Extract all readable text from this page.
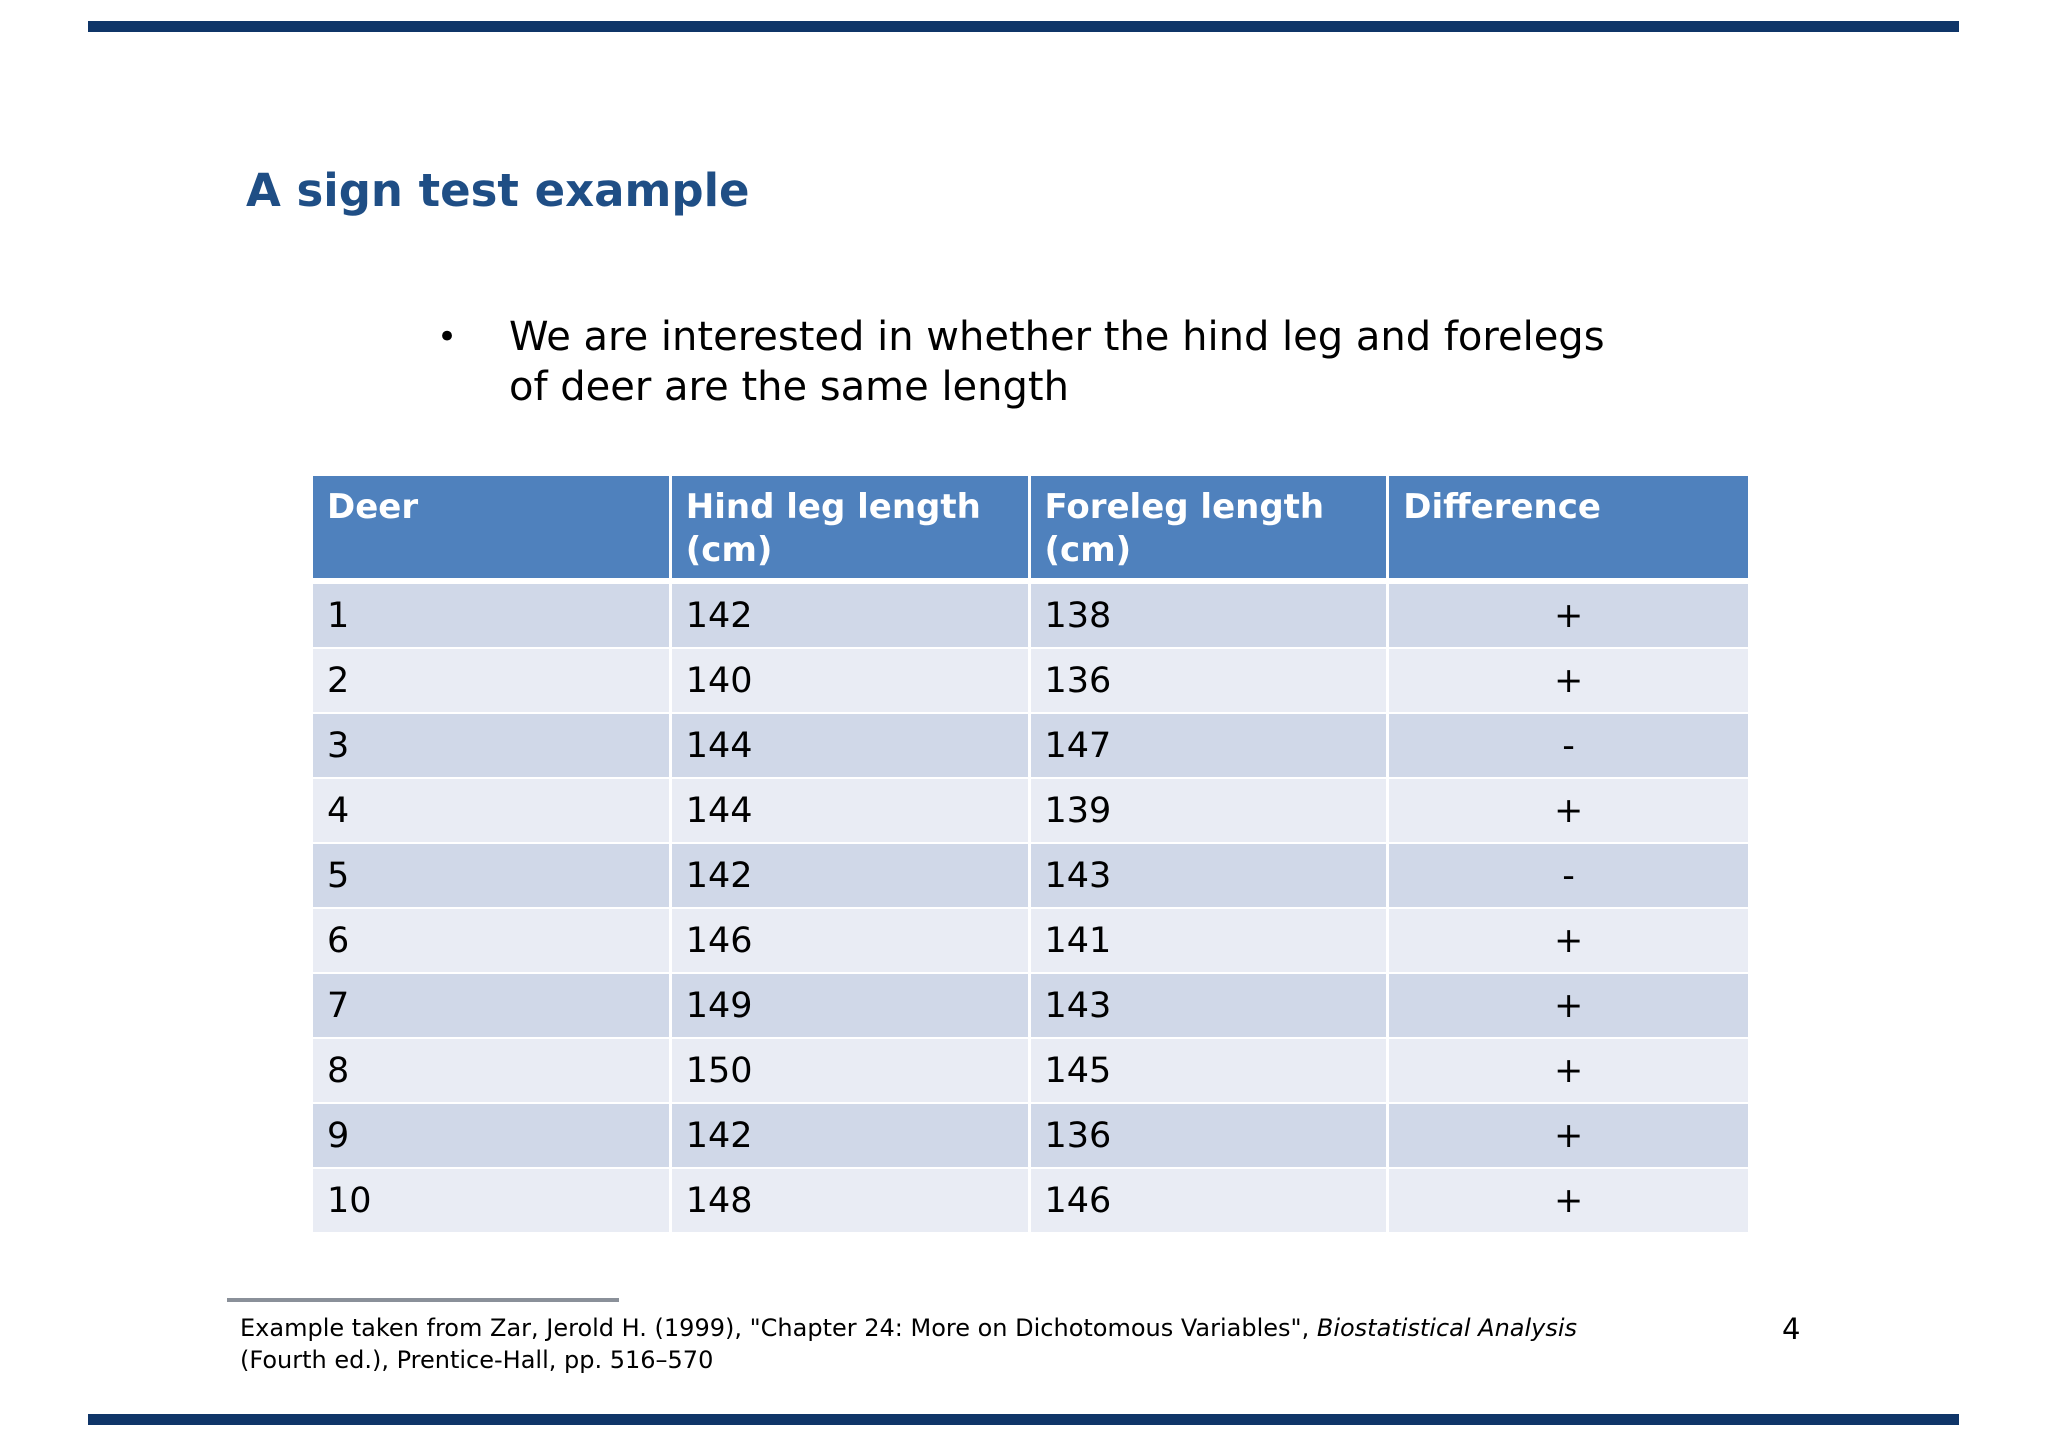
A sign test example
•	We are interested in whether the hind leg and forelegs of deer are the same length
Deer	Hind leg length (cm)	Foreleg length (cm)	Difference
1	142	138	+
2	140	136	+
3	144	147	-
4	144	139	+
5	142	143	-
6	146	141	+
7	149	143	+
8	150	145	+
9	142	136	+
10	148	146	+
Example taken from Zar, Jerold H. (1999), "Chapter 24: More on Dichotomous Variables", Biostatistical Analysis (Fourth ed.), Prentice-Hall, pp. 516–570
4
